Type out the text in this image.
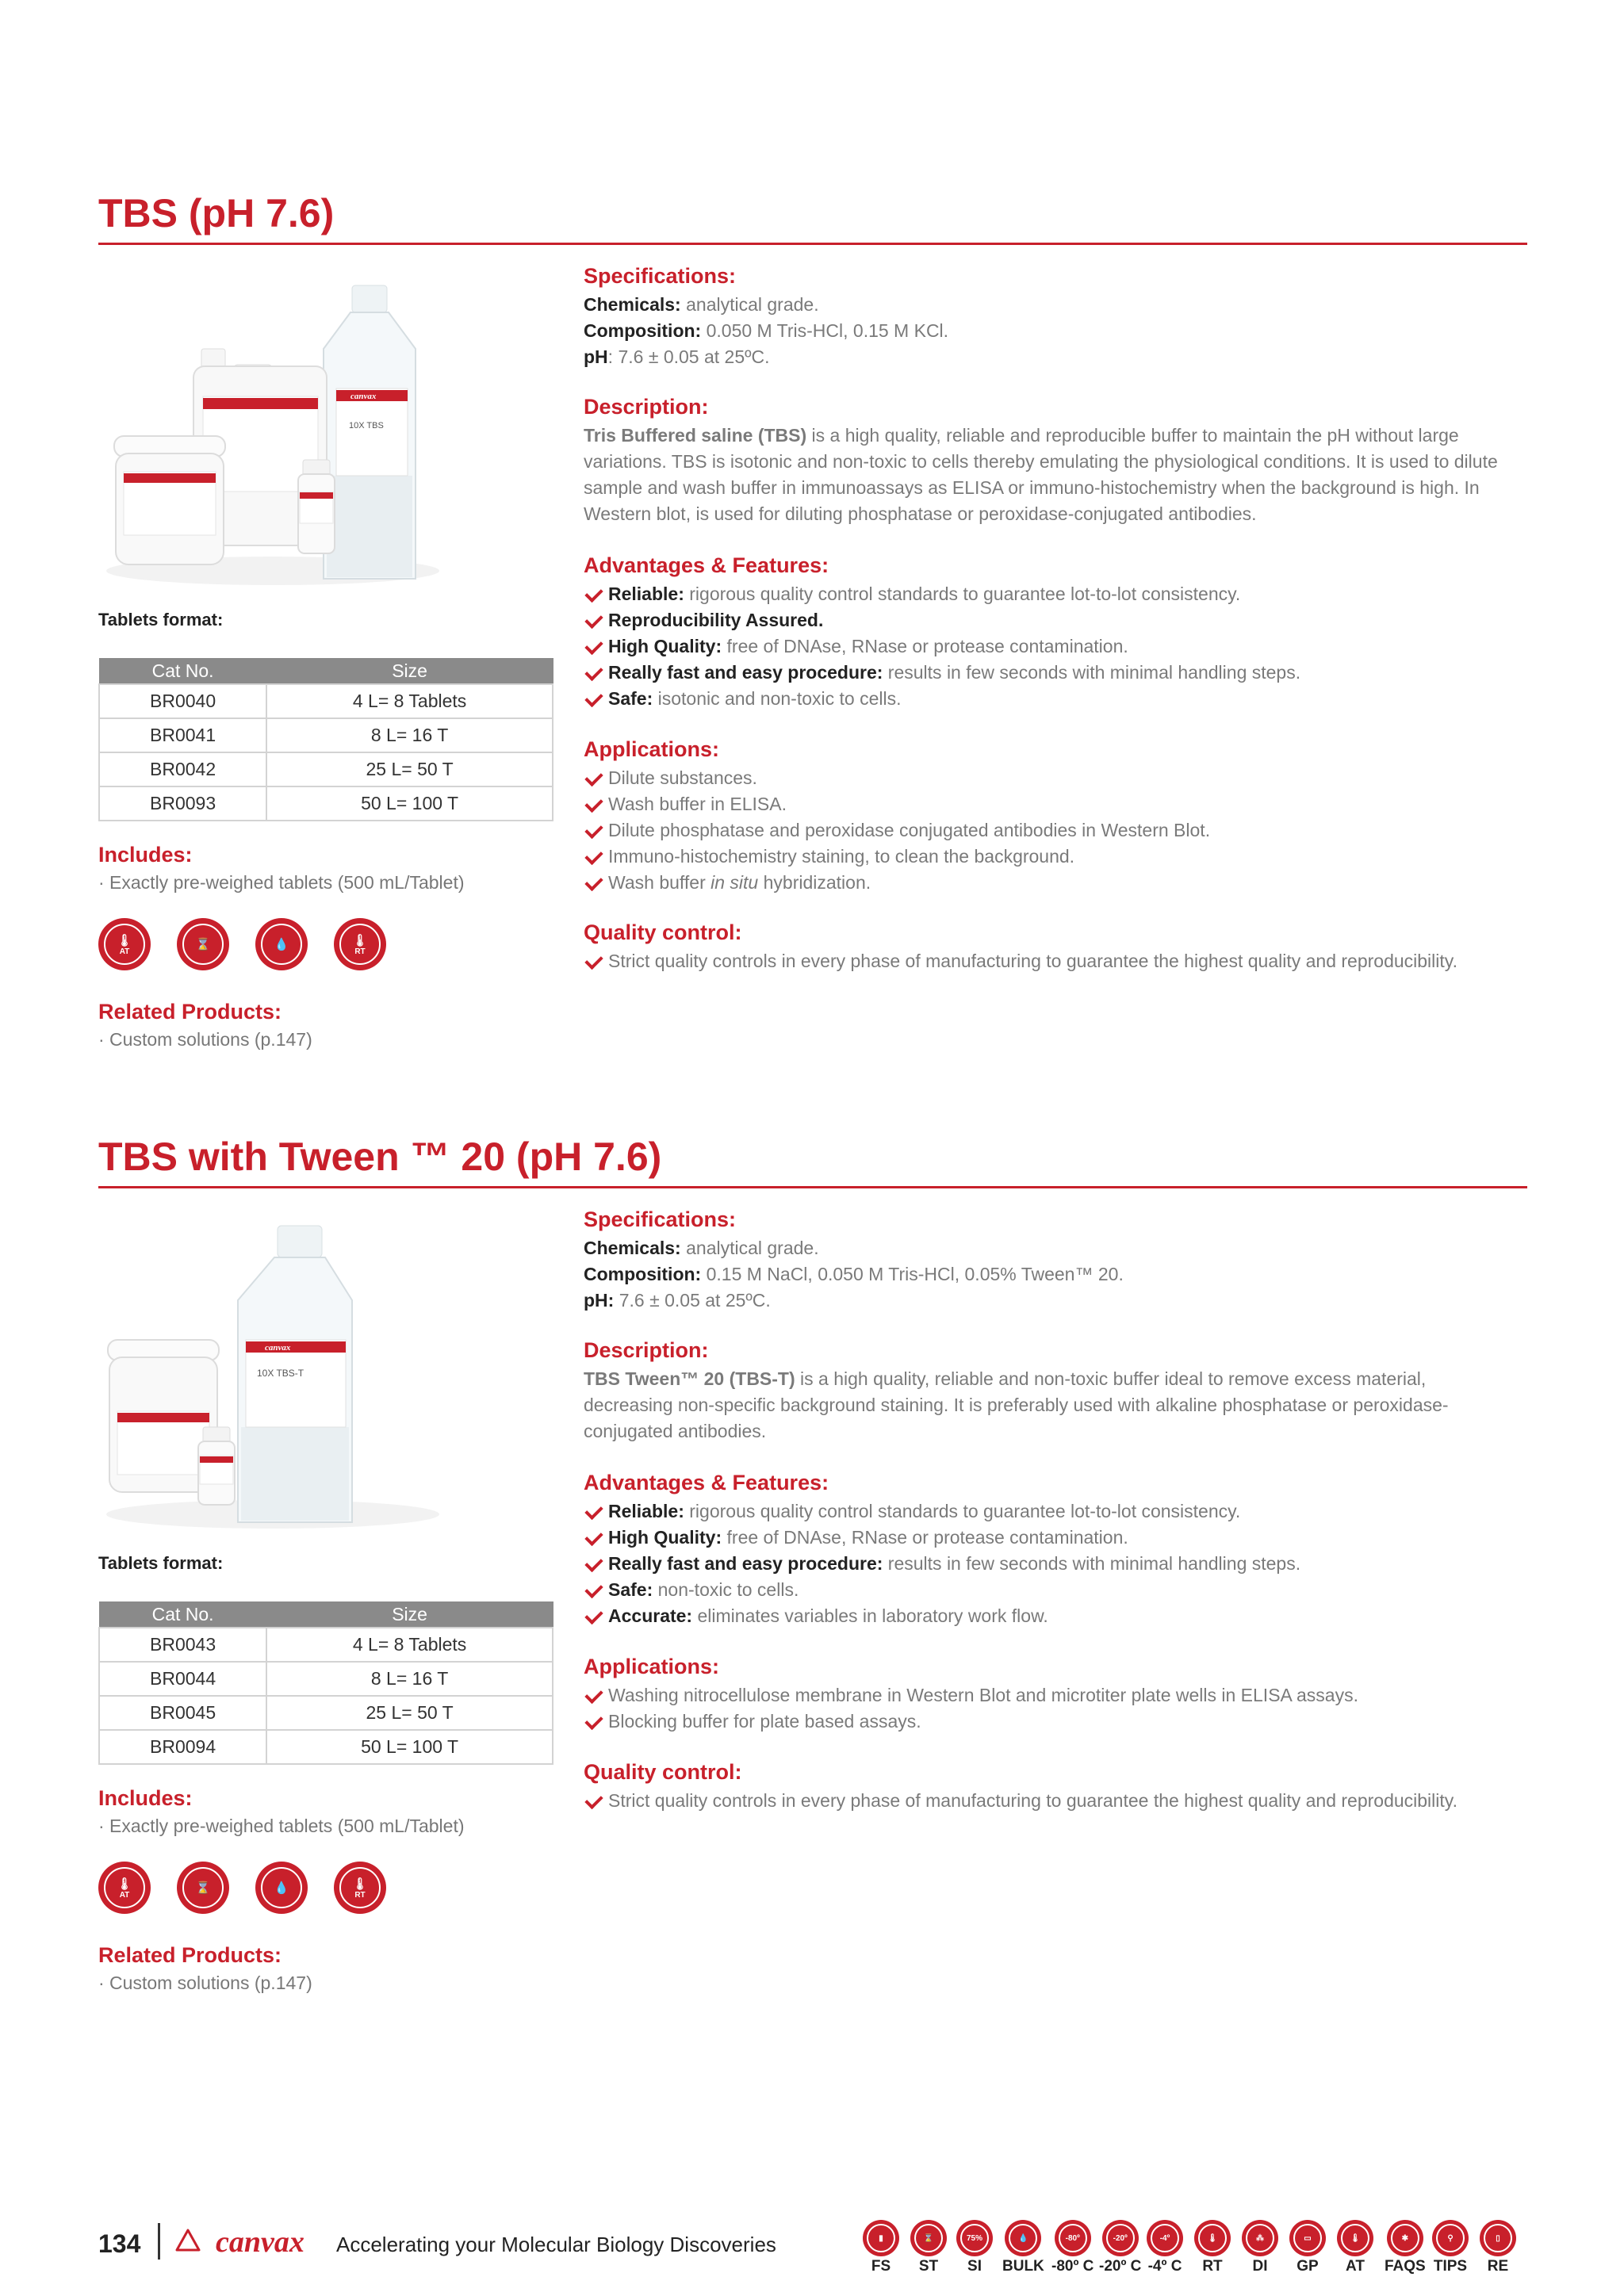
TBS (pH 7.6)
canvax
10X TBS
Tablets format:
Cat No.	Size
BR0040	4 L= 8 Tablets
BR0041	8 L= 16 T
BR0042	25 L= 50 T
BR0093	50 L= 100 T
Includes:
· Exactly pre-weighed tablets (500 mL/Tablet)
🌡
AT	⌛	💧	🌡
RT
Related Products:
· Custom solutions (p.147)
Specifications:
Chemicals: analytical grade.
Composition: 0.050 M Tris-HCl, 0.15 M KCl.
pH: 7.6 ± 0.05 at 25ºC.
Description:
Tris Buffered saline (TBS) is a high quality, reliable and reproducible buffer to maintain the pH without large variations. TBS is isotonic and non-toxic to cells thereby emulating the physiological conditions. It is used to dilute sample and wash buffer in immunoassays as ELISA or immuno-histochemistry when the background is high. In Western blot, is used for diluting phosphatase or peroxidase-conjugated antibodies.
Advantages & Features:
Reliable: rigorous quality control standards to guarantee lot-to-lot consistency.
Reproducibility Assured.
High Quality: free of DNAse, RNase or protease contamination.
Really fast and easy procedure: results in few seconds with minimal handling steps.
Safe: isotonic and non-toxic to cells.
Applications:
Dilute substances.
Wash buffer in ELISA.
Dilute phosphatase and peroxidase conjugated antibodies in Western Blot.
Immuno-histochemistry staining, to clean the background.
Wash buffer in situ hybridization.
Quality control:
Strict quality controls in every phase of manufacturing to guarantee the highest quality and reproducibility.
TBS with Tween ™ 20 (pH 7.6)
canvax
10X TBS-T
Tablets format:
Cat No.	Size
BR0043	4 L= 8 Tablets
BR0044	8 L= 16 T
BR0045	25 L= 50 T
BR0094	50 L= 100 T
Includes:
· Exactly pre-weighed tablets (500 mL/Tablet)
🌡
AT	⌛	💧	🌡
RT
Related Products:
· Custom solutions (p.147)
Specifications:
Chemicals: analytical grade.
Composition: 0.15 M NaCl, 0.050 M Tris-HCl, 0.05% Tween™ 20.
pH: 7.6 ± 0.05 at 25ºC.
Description:
TBS Tween™ 20 (TBS-T) is a high quality, reliable and non-toxic buffer ideal to remove excess material, decreasing non-specific background staining. It is preferably used with alkaline phosphatase or peroxidase-conjugated antibodies.
Advantages & Features:
Reliable: rigorous quality control standards to guarantee lot-to-lot consistency.
High Quality: free of DNAse, RNase or protease contamination.
Really fast and easy procedure: results in few seconds with minimal handling steps.
Safe: non-toxic to cells.
Accurate: eliminates variables in laboratory work flow.
Applications:
Washing nitrocellulose membrane in Western Blot and microtiter plate wells in ELISA assays.
Blocking buffer for plate based assays.
Quality control:
Strict quality controls in every phase of manufacturing to guarantee the highest quality and reproducibility.
134 canvax Accelerating your Molecular Biology Discoveries	▮
FS
⌛
ST
75%
SI
💧
BULK
-80º
-80º C
-20º
-20º C
-4º
-4º C
🌡
RT
⁂
DI
▭
GP
🌡
AT
✱
FAQS
⚲
TIPS
▯
RE
